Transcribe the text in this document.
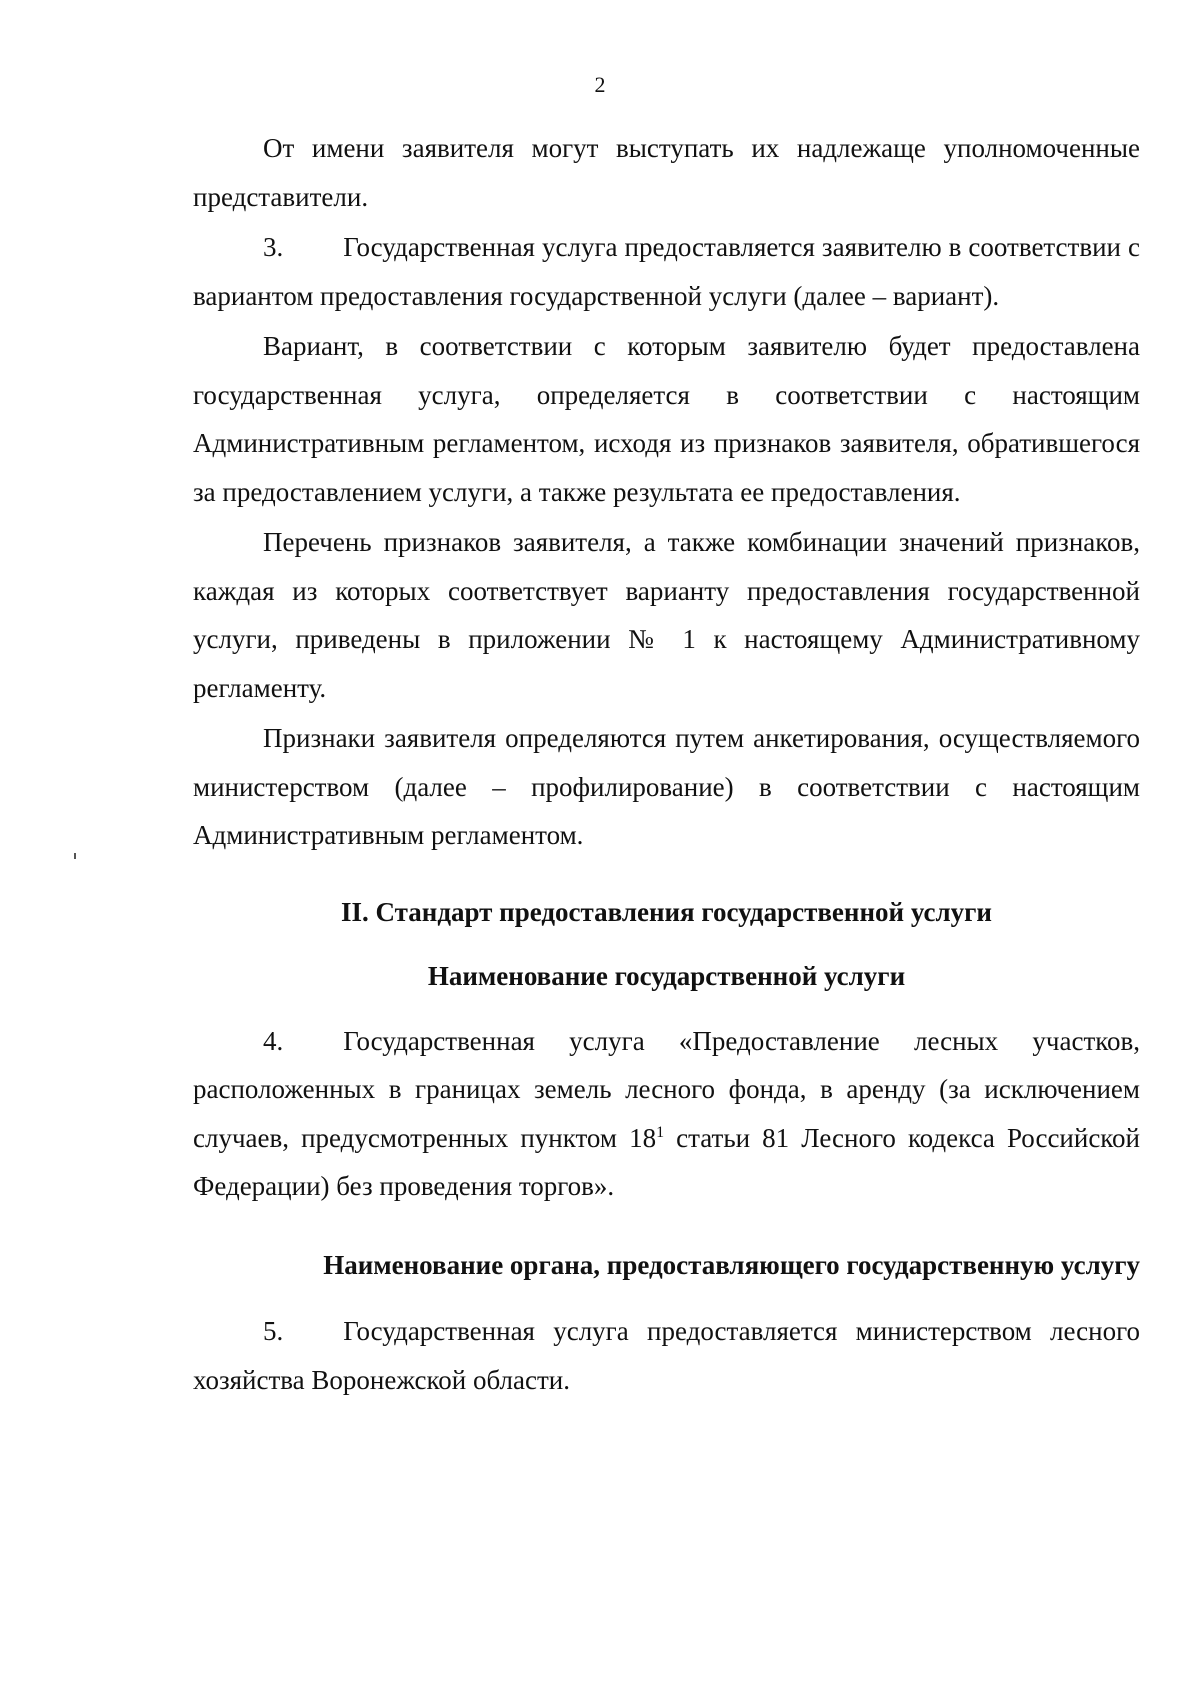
2

От имени заявителя могут выступать их надлежаще уполномоченные представители.

3. Государственная услуга предоставляется заявителю в соответствии с вариантом предоставления государственной услуги (далее – вариант).

Вариант, в соответствии с которым заявителю будет предоставлена государственная услуга, определяется в соответствии с настоящим Административным регламентом, исходя из признаков заявителя, обратившегося за предоставлением услуги, а также результата ее предоставления.

Перечень признаков заявителя, а также комбинации значений признаков, каждая из которых соответствует варианту предоставления государственной услуги, приведены в приложении № 1 к настоящему Административному регламенту.

Признаки заявителя определяются путем анкетирования, осуществляемого министерством (далее – профилирование) в соответствии с настоящим Административным регламентом.

II. Стандарт предоставления государственной услуги
Наименование государственной услуги

4. Государственная услуга «Предоставление лесных участков, расположенных в границах земель лесного фонда, в аренду (за исключением случаев, предусмотренных пунктом $18^1$ статьи 81 Лесного кодекса Российской Федерации) без проведения торгов».

Наименование органа, предоставляющего государственную услугу

5. Государственная услуга предоставляется министерством лесного хозяйства Воронежской области.
